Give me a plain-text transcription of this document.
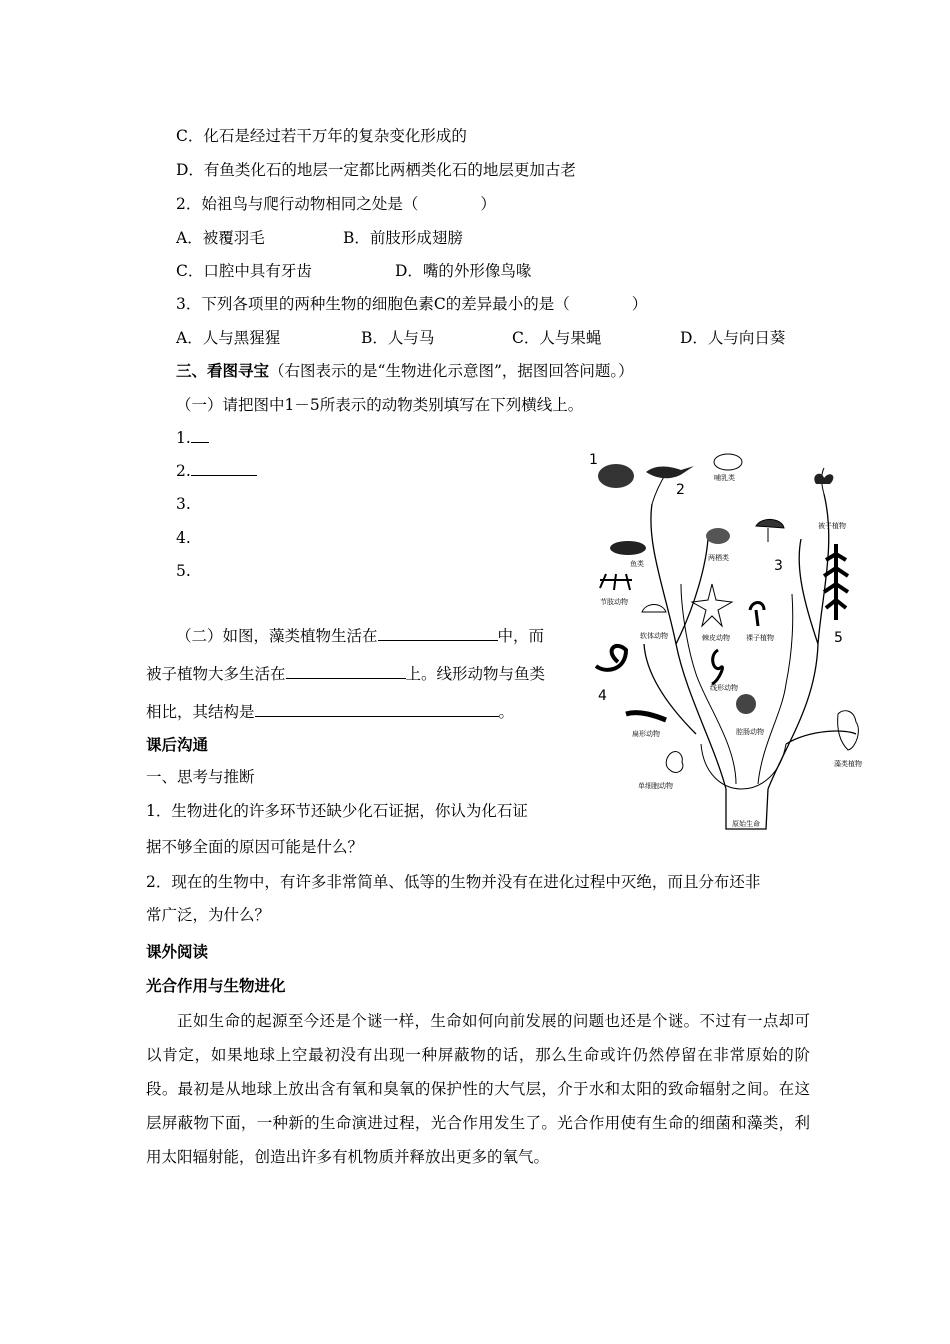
C．化石是经过若干万年的复杂变化形成的
D．有鱼类化石的地层一定都比两栖类化石的地层更加古老
2．始祖鸟与爬行动物相同之处是（　　　　）
A．被覆羽毛	B．前肢形成翅膀
C．口腔中具有牙齿	D．嘴的外形像鸟喙
3．下列各项里的两种生物的细胞色素C的差异最小的是（　　　　）
A．人与黑猩猩	B．人与马	C．人与果蝇	D．人与向日葵
三、看图寻宝（右图表示的是“生物进化示意图”，据图回答问题。）
（一）请把图中1－5所表示的动物类别填写在下列横线上。
1.
2.
3.
4.
5.
（二）如图，藻类植物生活在	中，而
被子植物大多生活在	上。线形动物与鱼类
相比，其结构是	。
课后沟通
一、思考与推断
1．生物进化的许多环节还缺少化石证据，你认为化石证
据不够全面的原因可能是什么？
2．现在的生物中，有许多非常简单、低等的生物并没有在进化过程中灭绝，而且分布还非
常广泛，为什么？
课外阅读
光合作用与生物进化
正如生命的起源至今还是个谜一样，生命如何向前发展的问题也还是个谜。不过有一点却可以肯定，如果地球上空最初没有出现一种屏蔽物的话，那么生命或许仍然停留在非常原始的阶段。最初是从地球上放出含有氧和臭氧的保护性的大气层，介于水和太阳的致命辐射之间。在这层屏蔽物下面，一种新的生命演进过程，光合作用发生了。光合作用使有生命的细菌和藻类，利用太阳辐射能，创造出许多有机物质并释放出更多的氧气。
原始生命
1
2
哺乳类
被子植物
鱼类
两栖类	3
5
节肢动物
棘皮动物 裸子植物
软体动物
4	线形动物
腔肠动物
扁形动物
藻类植物
单细胞动物
